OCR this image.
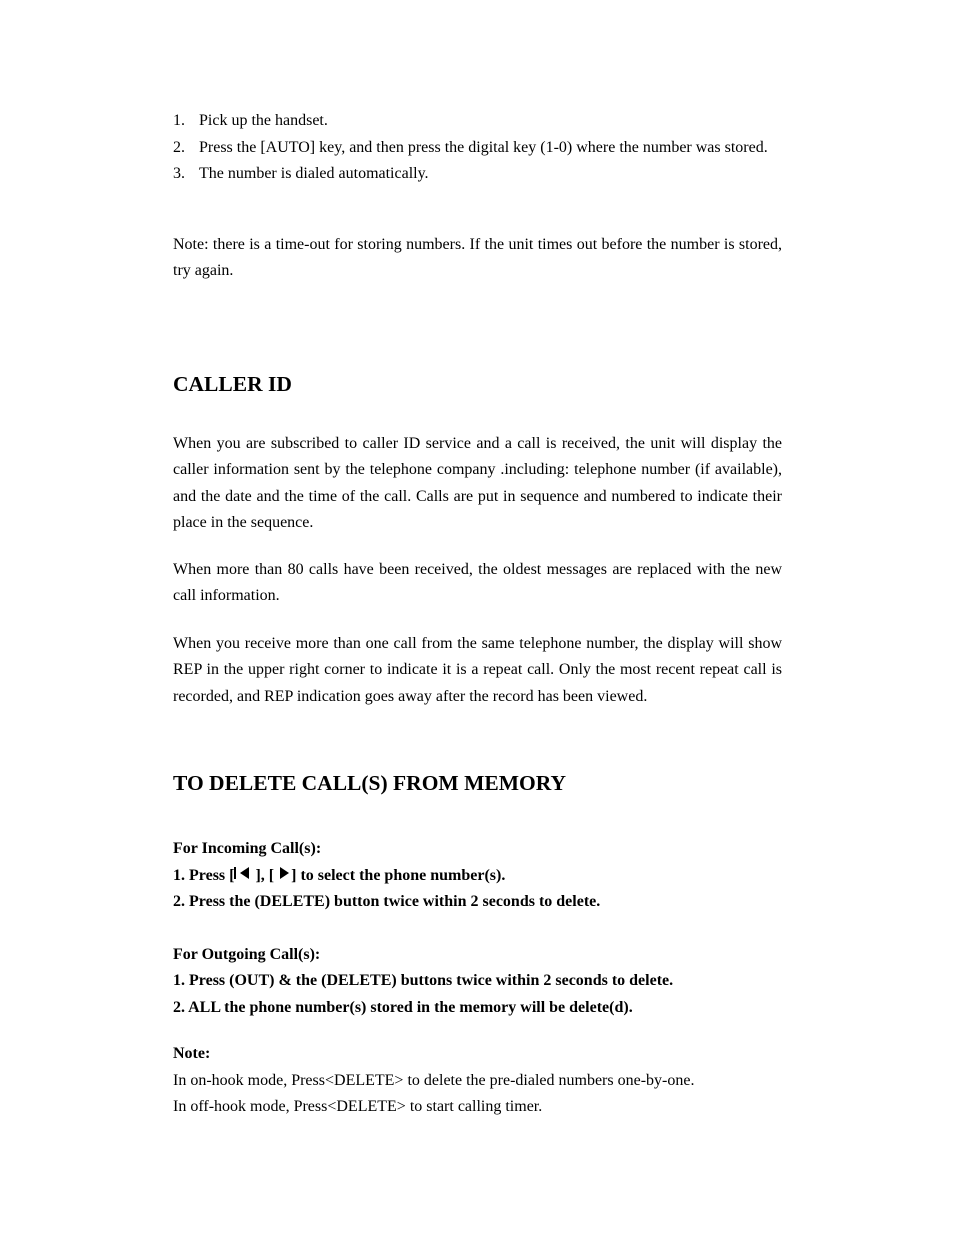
1. Pick up the handset.
2. Press the [AUTO] key, and then press the digital key (1-0) where the number was stored.
3. The number is dialed automatically.

Note: there is a time-out for storing numbers. If the unit times out before the number is stored, try again.

CALLER ID

When you are subscribed to caller ID service and a call is received, the unit will display the caller information sent by the telephone company .including: telephone number (if available), and the date and the time of the call. Calls are put in sequence and numbered to indicate their place in the sequence.

When more than 80 calls have been received, the oldest messages are replaced with the new call information.

When you receive more than one call from the same telephone number, the display will show REP in the upper right corner to indicate it is a repeat call. Only the most recent repeat call is recorded, and REP indication goes away after the record has been viewed.

TO DELETE CALL(S) FROM MEMORY

For Incoming Call(s):

1. Press [ ], [ ] to select the phone number(s).

2. Press the (DELETE) button twice within 2 seconds to delete.

For Outgoing Call(s):

1. Press (OUT) & the (DELETE) buttons twice within 2 seconds to delete.

2. ALL the phone number(s) stored in the memory will be delete(d).

Note:

In on-hook mode, Press<DELETE> to delete the pre-dialed numbers one-by-one.

In off-hook mode, Press<DELETE> to start calling timer.
